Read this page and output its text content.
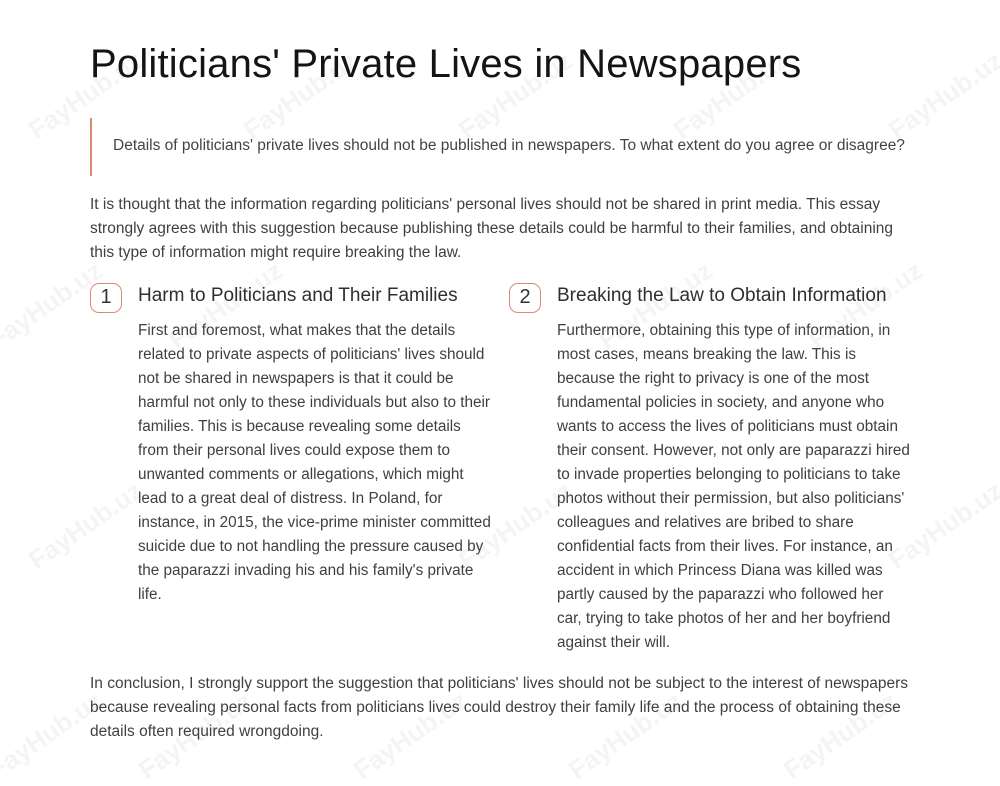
Politicians' Private Lives in Newspapers

Details of politicians' private lives should not be published in newspapers. To what extent do you agree or disagree?

It is thought that the information regarding politicians' personal lives should not be shared in print media. This essay strongly agrees with this suggestion because publishing these details could be harmful to their families, and obtaining this type of information might require breaking the law.

1	Harm to Politicians and Their Families

First and foremost, what makes that the details related to private aspects of politicians' lives should not be shared in newspapers is that it could be harmful not only to these individuals but also to their families. This is because revealing some details from their personal lives could expose them to unwanted comments or allegations, which might lead to a great deal of distress. In Poland, for instance, in 2015, the vice-prime minister committed suicide due to not handling the pressure caused by the paparazzi invading his and his family's private life.

2	Breaking the Law to Obtain Information

Furthermore, obtaining this type of information, in most cases, means breaking the law. This is because the right to privacy is one of the most fundamental policies in society, and anyone who wants to access the lives of politicians must obtain their consent. However, not only are paparazzi hired to invade properties belonging to politicians to take photos without their permission, but also politicians' colleagues and relatives are bribed to share confidential facts from their lives. For instance, an accident in which Princess Diana was killed was partly caused by the paparazzi who followed her car, trying to take photos of her and her boyfriend against their will.

In conclusion, I strongly support the suggestion that politicians' lives should not be subject to the interest of newspapers because revealing personal facts from politicians lives could destroy their family life and the process of obtaining these details often required wrongdoing.
